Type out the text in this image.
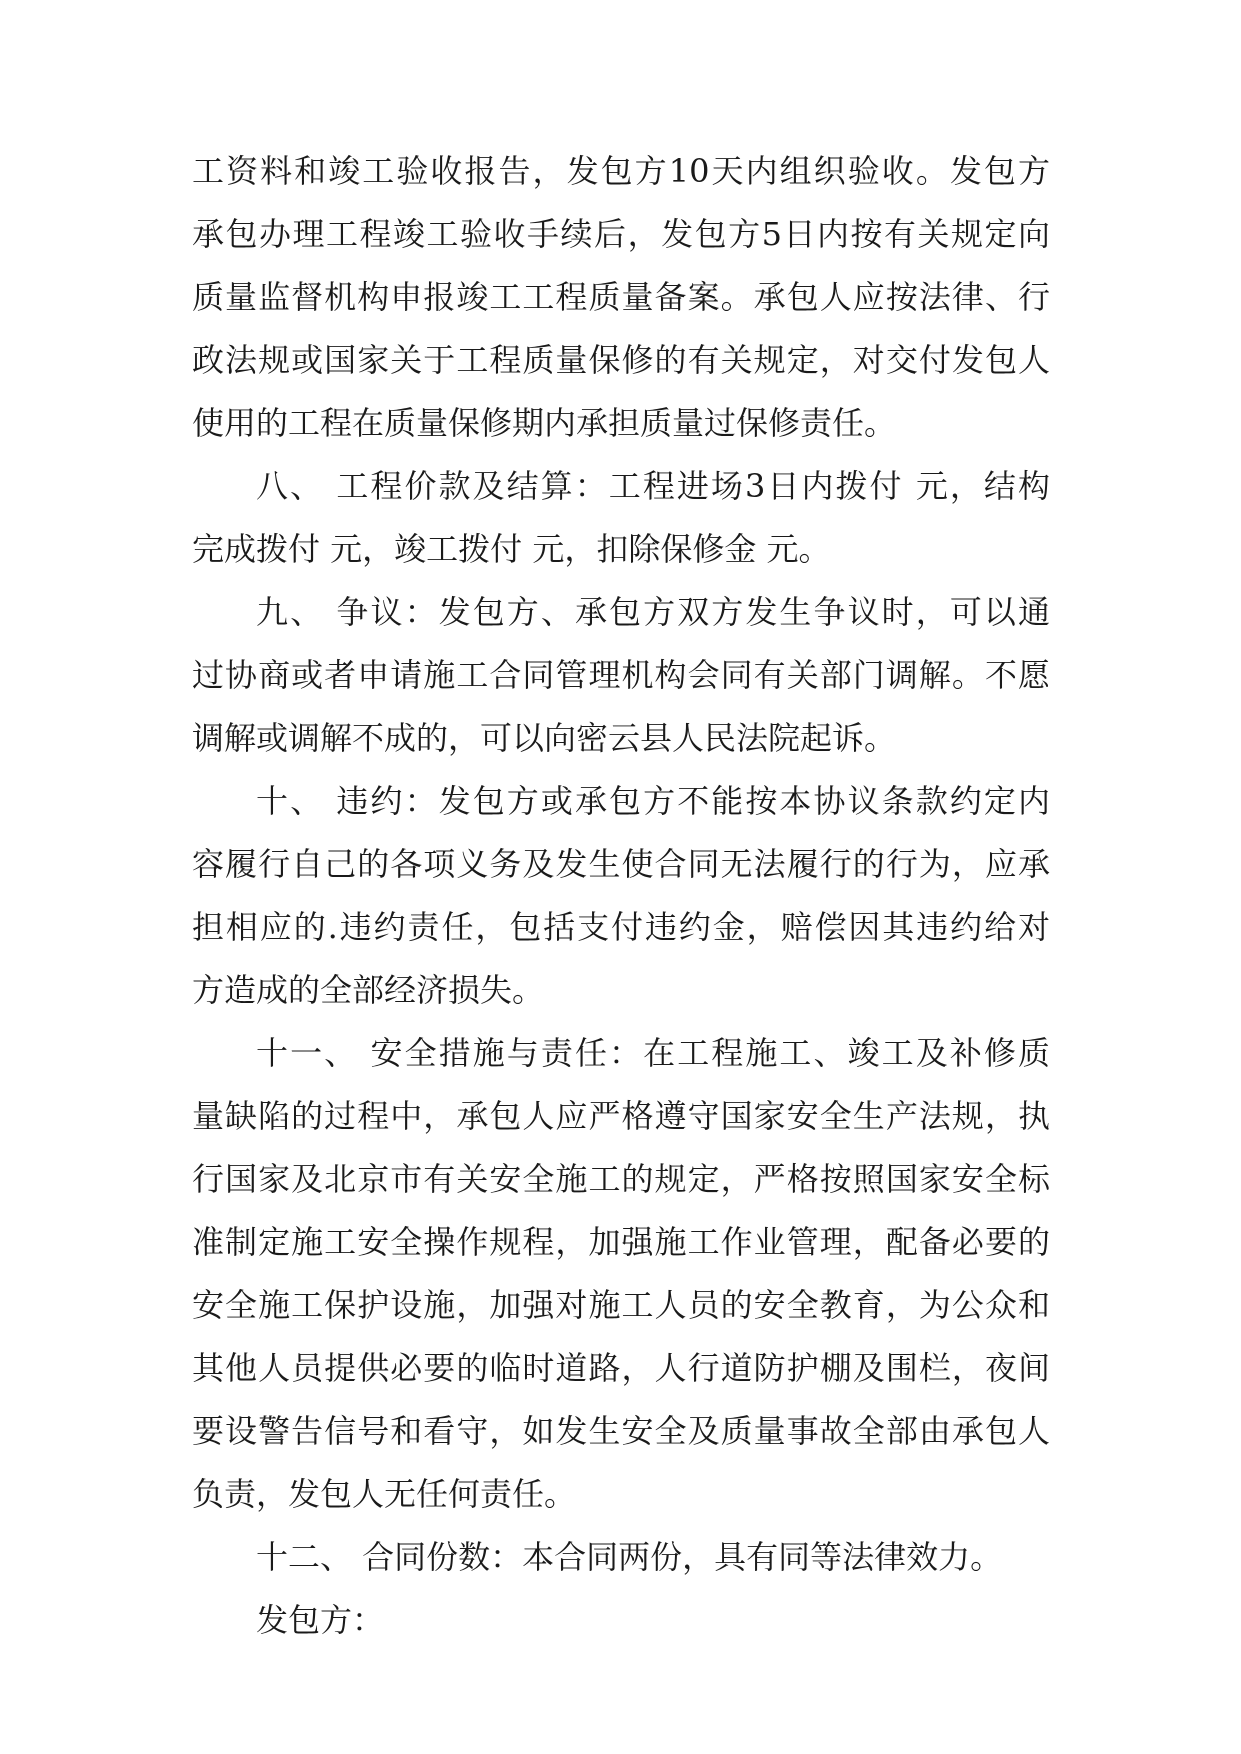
工资料和竣工验收报告，发包方10天内组织验收。发包方
承包办理工程竣工验收手续后，发包方5日内按有关规定向
质量监督机构申报竣工工程质量备案。承包人应按法律、行
政法规或国家关于工程质量保修的有关规定，对交付发包人
使用的工程在质量保修期内承担质量过保修责任。
八、 工程价款及结算：工程进场3日内拨付 元，结构
完成拨付 元，竣工拨付 元，扣除保修金 元。
九、 争议：发包方、承包方双方发生争议时，可以通
过协商或者申请施工合同管理机构会同有关部门调解。不愿
调解或调解不成的，可以向密云县人民法院起诉。
十、 违约：发包方或承包方不能按本协议条款约定内
容履行自己的各项义务及发生使合同无法履行的行为，应承
担相应的.违约责任，包括支付违约金，赔偿因其违约给对
方造成的全部经济损失。
十一、 安全措施与责任：在工程施工、竣工及补修质
量缺陷的过程中，承包人应严格遵守国家安全生产法规，执
行国家及北京市有关安全施工的规定，严格按照国家安全标
准制定施工安全操作规程，加强施工作业管理，配备必要的
安全施工保护设施，加强对施工人员的安全教育，为公众和
其他人员提供必要的临时道路，人行道防护棚及围栏，夜间
要设警告信号和看守，如发生安全及质量事故全部由承包人
负责，发包人无任何责任。
十二、 合同份数：本合同两份，具有同等法律效力。
发包方：
